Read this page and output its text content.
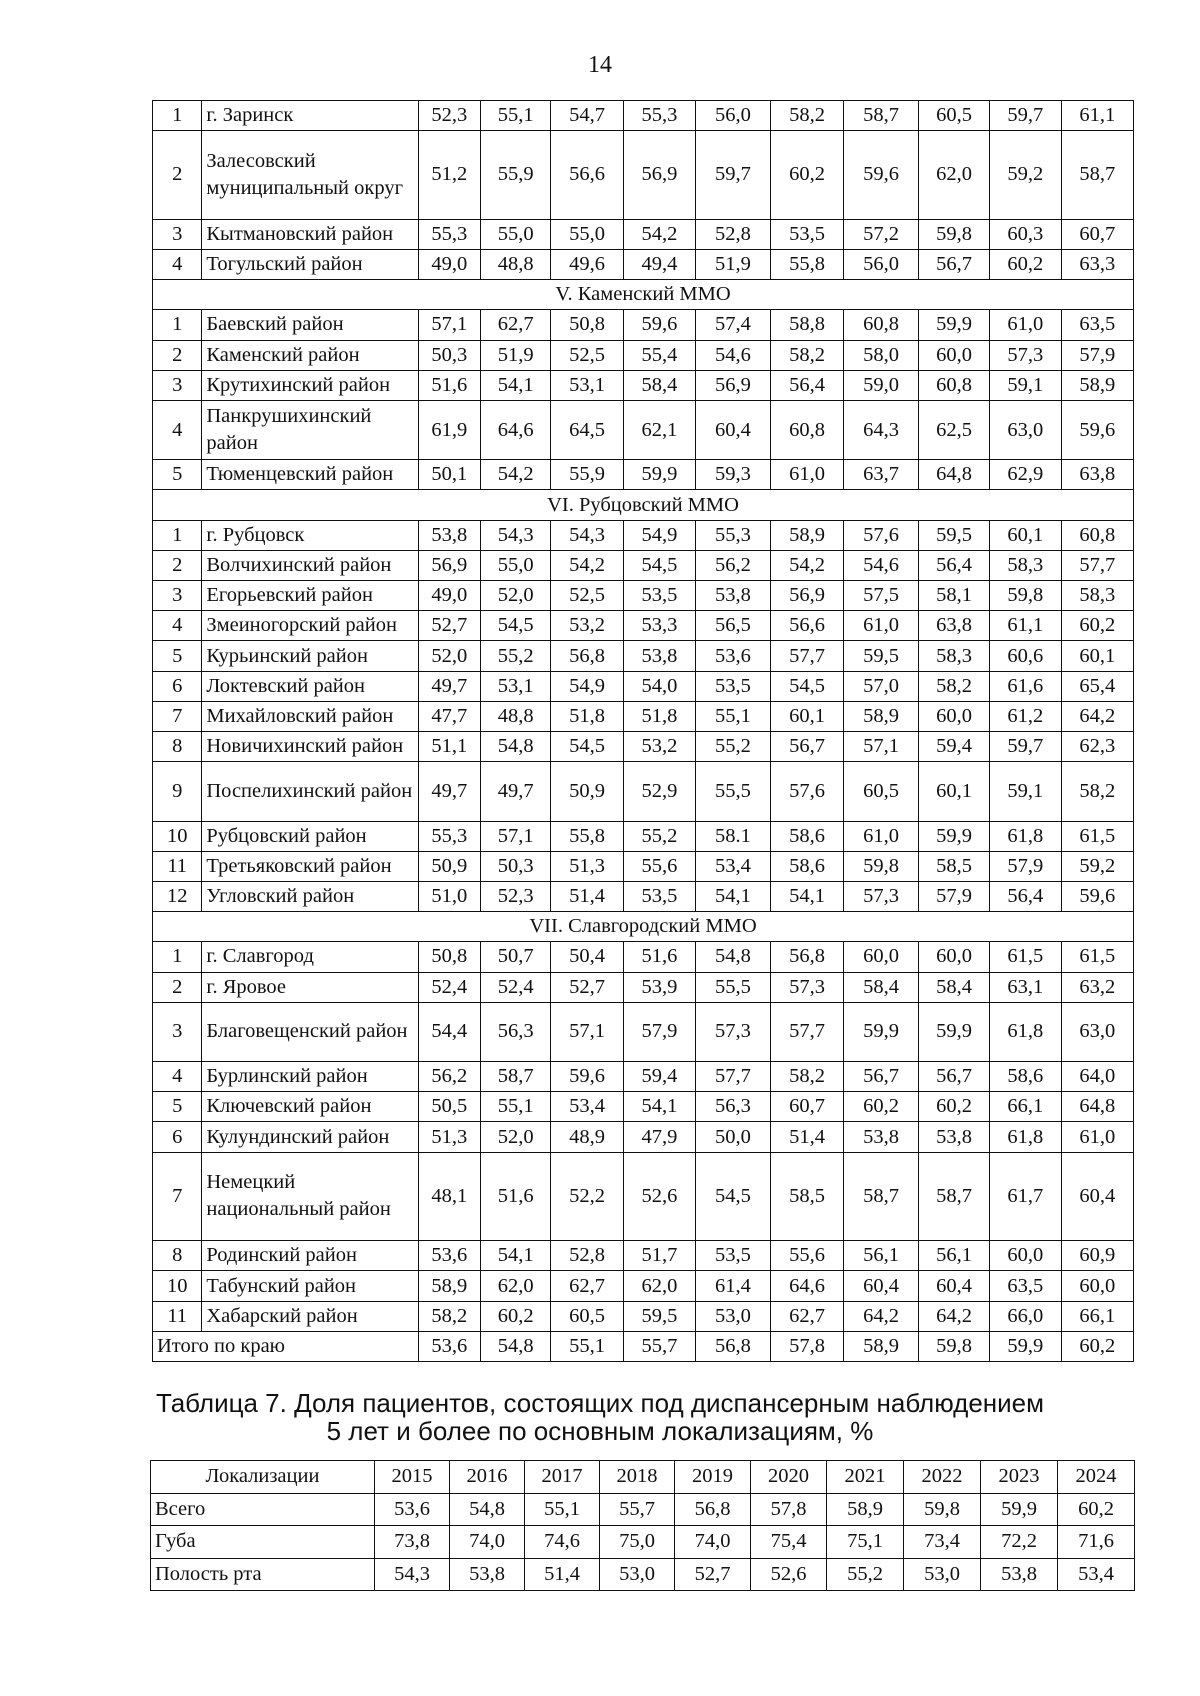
14
1	г. Заринск	52,3	55,1	54,7	55,3	56,0	58,2	58,7	60,5	59,7	61,1
2	Залесовский муниципальный округ	51,2	55,9	56,6	56,9	59,7	60,2	59,6	62,0	59,2	58,7
3	Кытмановский район	55,3	55,0	55,0	54,2	52,8	53,5	57,2	59,8	60,3	60,7
4	Тогульский район	49,0	48,8	49,6	49,4	51,9	55,8	56,0	56,7	60,2	63,3
V. Каменский ММО											
1	Баевский район	57,1	62,7	50,8	59,6	57,4	58,8	60,8	59,9	61,0	63,5
2	Каменский район	50,3	51,9	52,5	55,4	54,6	58,2	58,0	60,0	57,3	57,9
3	Крутихинский район	51,6	54,1	53,1	58,4	56,9	56,4	59,0	60,8	59,1	58,9
4	Панкрушихинский район	61,9	64,6	64,5	62,1	60,4	60,8	64,3	62,5	63,0	59,6
5	Тюменцевский район	50,1	54,2	55,9	59,9	59,3	61,0	63,7	64,8	62,9	63,8
VI. Рубцовский ММО											
1	г. Рубцовск	53,8	54,3	54,3	54,9	55,3	58,9	57,6	59,5	60,1	60,8
2	Волчихинский район	56,9	55,0	54,2	54,5	56,2	54,2	54,6	56,4	58,3	57,7
3	Егорьевский район	49,0	52,0	52,5	53,5	53,8	56,9	57,5	58,1	59,8	58,3
4	Змеиногорский район	52,7	54,5	53,2	53,3	56,5	56,6	61,0	63,8	61,1	60,2
5	Курьинский район	52,0	55,2	56,8	53,8	53,6	57,7	59,5	58,3	60,6	60,1
6	Локтевский район	49,7	53,1	54,9	54,0	53,5	54,5	57,0	58,2	61,6	65,4
7	Михайловский район	47,7	48,8	51,8	51,8	55,1	60,1	58,9	60,0	61,2	64,2
8	Новичихинский район	51,1	54,8	54,5	53,2	55,2	56,7	57,1	59,4	59,7	62,3
9	Поспелихинский район	49,7	49,7	50,9	52,9	55,5	57,6	60,5	60,1	59,1	58,2
10	Рубцовский район	55,3	57,1	55,8	55,2	58.1	58,6	61,0	59,9	61,8	61,5
11	Третьяковский район	50,9	50,3	51,3	55,6	53,4	58,6	59,8	58,5	57,9	59,2
12	Угловский район	51,0	52,3	51,4	53,5	54,1	54,1	57,3	57,9	56,4	59,6
VII. Славгородский ММО											
1	г. Славгород	50,8	50,7	50,4	51,6	54,8	56,8	60,0	60,0	61,5	61,5
2	г. Яровое	52,4	52,4	52,7	53,9	55,5	57,3	58,4	58,4	63,1	63,2
3	Благовещенский район	54,4	56,3	57,1	57,9	57,3	57,7	59,9	59,9	61,8	63,0
4	Бурлинский район	56,2	58,7	59,6	59,4	57,7	58,2	56,7	56,7	58,6	64,0
5	Ключевский район	50,5	55,1	53,4	54,1	56,3	60,7	60,2	60,2	66,1	64,8
6	Кулундинский район	51,3	52,0	48,9	47,9	50,0	51,4	53,8	53,8	61,8	61,0
7	Немецкий национальный район	48,1	51,6	52,2	52,6	54,5	58,5	58,7	58,7	61,7	60,4
8	Родинский район	53,6	54,1	52,8	51,7	53,5	55,6	56,1	56,1	60,0	60,9
10	Табунский район	58,9	62,0	62,7	62,0	61,4	64,6	60,4	60,4	63,5	60,0
11	Хабарский район	58,2	60,2	60,5	59,5	53,0	62,7	64,2	64,2	66,0	66,1
Итого по краю		53,6	54,8	55,1	55,7	56,8	57,8	58,9	59,8	59,9	60,2
Таблица 7. Доля пациентов, состоящих под диспансерным наблюдением
5 лет и более по основным локализациям, %
Локализации	2015	2016	2017	2018	2019	2020	2021	2022	2023	2024
Всего	53,6	54,8	55,1	55,7	56,8	57,8	58,9	59,8	59,9	60,2
Губа	73,8	74,0	74,6	75,0	74,0	75,4	75,1	73,4	72,2	71,6
Полость рта	54,3	53,8	51,4	53,0	52,7	52,6	55,2	53,0	53,8	53,4
